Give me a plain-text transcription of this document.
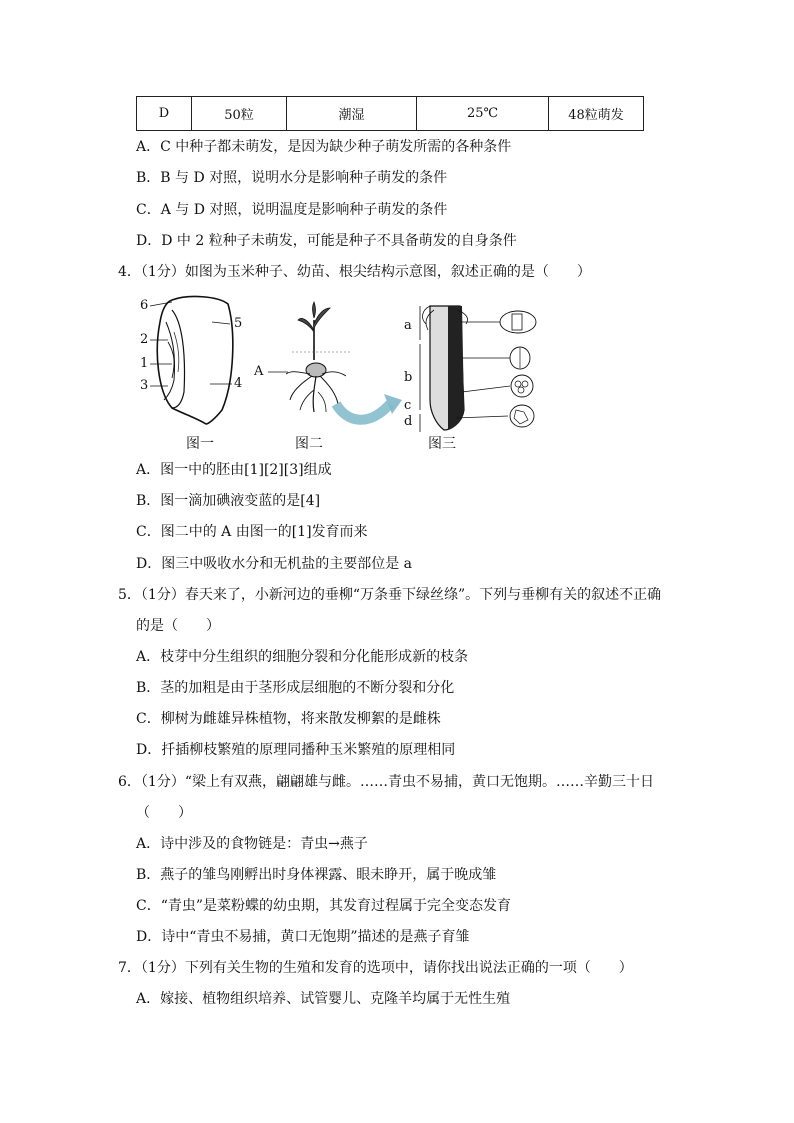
D	50粒	潮湿	25℃	48粒萌发
A．C 中种子都未萌发，是因为缺少种子萌发所需的各种条件
B．B 与 D 对照，说明水分是影响种子萌发的条件
C．A 与 D 对照，说明温度是影响种子萌发的条件
D．D 中 2 粒种子未萌发，可能是种子不具备萌发的自身条件
4．（1分）如图为玉米种子、幼苗、根尖结构示意图，叙述正确的是（　　）
6
5
2
1
3	4
A
a
b
c
d
图一	图二	图三
A．图一中的胚由[1][2][3]组成
B．图一滴加碘液变蓝的是[4]
C．图二中的 A 由图一的[1]发育而来
D．图三中吸收水分和无机盐的主要部位是 a
5．（1分）春天来了，小新河边的垂柳“万条垂下绿丝绦”。下列与垂柳有关的叙述不正确
的是（　　）
A．枝芽中分生组织的细胞分裂和分化能形成新的枝条
B．茎的加粗是由于茎形成层细胞的不断分裂和分化
C．柳树为雌雄异株植物，将来散发柳絮的是雌株
D．扦插柳枝繁殖的原理同播种玉米繁殖的原理相同
6．（1分）“梁上有双燕，翩翩雄与雌。……青虫不易捕，黄口无饱期。……辛勤三十日
（　　）
A．诗中涉及的食物链是：青虫→燕子
B．燕子的雏鸟刚孵出时身体裸露、眼未睁开，属于晚成雏
C．“青虫”是菜粉蝶的幼虫期，其发育过程属于完全变态发育
D．诗中“青虫不易捕，黄口无饱期”描述的是燕子育雏
7．（1分）下列有关生物的生殖和发育的选项中，请你找出说法正确的一项（　　）
A．嫁接、植物组织培养、试管婴儿、克隆羊均属于无性生殖
